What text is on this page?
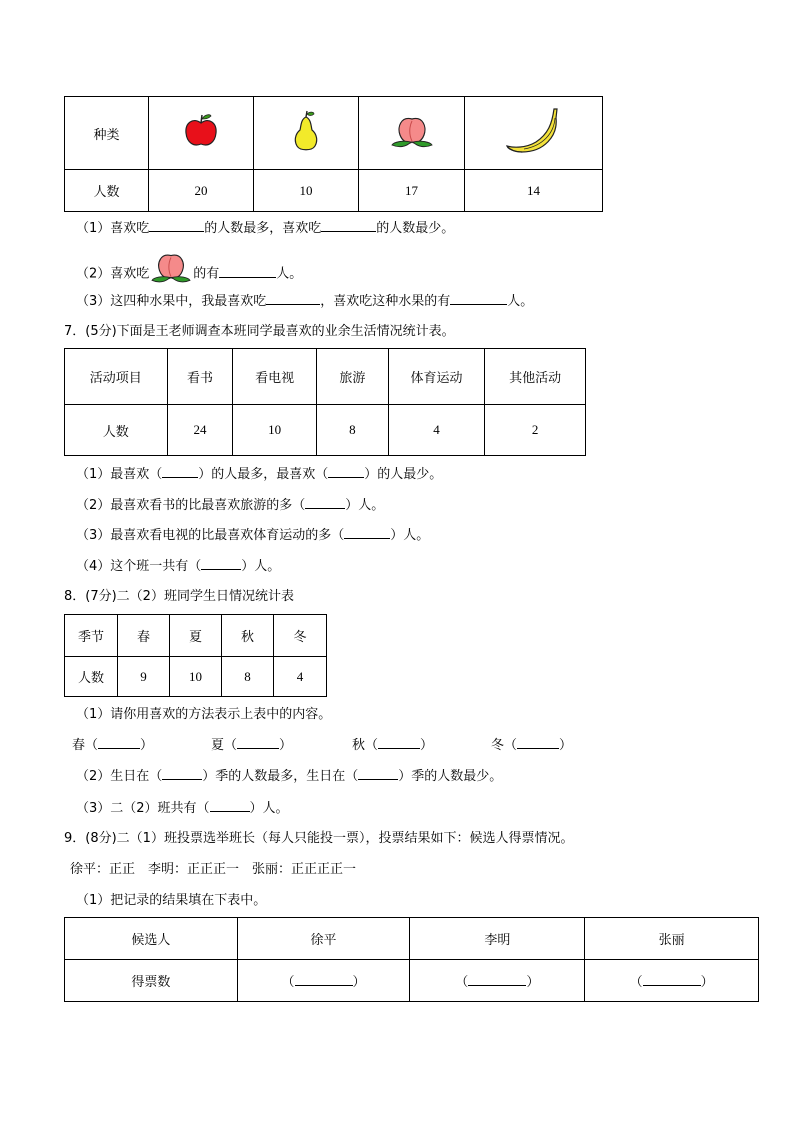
种类				
人数	20	10	17	14
（1）喜欢吃	的人数最多，喜欢吃	的人数最少。
（2）喜欢吃	的有	人。
（3）这四种水果中，我最喜欢吃	，喜欢吃这种水果的有	人。
7．(5分)下面是王老师调查本班同学最喜欢的业余生活情况统计表。
活动项目	看书	看电视	旅游	体育运动	其他活动
人数	24	10	8	4	2
（1）最喜欢（	）的人最多，最喜欢（	）的人最少。
（2）最喜欢看书的比最喜欢旅游的多（	）人。
（3）最喜欢看电视的比最喜欢体育运动的多（	）人。
（4）这个班一共有（	）人。
8．(7分)二（2）班同学生日情况统计表
季节	春	夏	秋	冬
人数	9	10	8	4
（1）请你用喜欢的方法表示上表中的内容。
春（	）	夏（	）	秋（	）	冬（	）
（2）生日在（	）季的人数最多，生日在（	）季的人数最少。
（3）二（2）班共有（	）人。
9．(8分)二（1）班投票选举班长（每人只能投一票），投票结果如下：候选人得票情况。
徐平：正正　李明：正正正一　张丽：正正正正一
（1）把记录的结果填在下表中。
候选人	徐平	李明	张丽
得票数	（ ）	（ ）	（ ）
